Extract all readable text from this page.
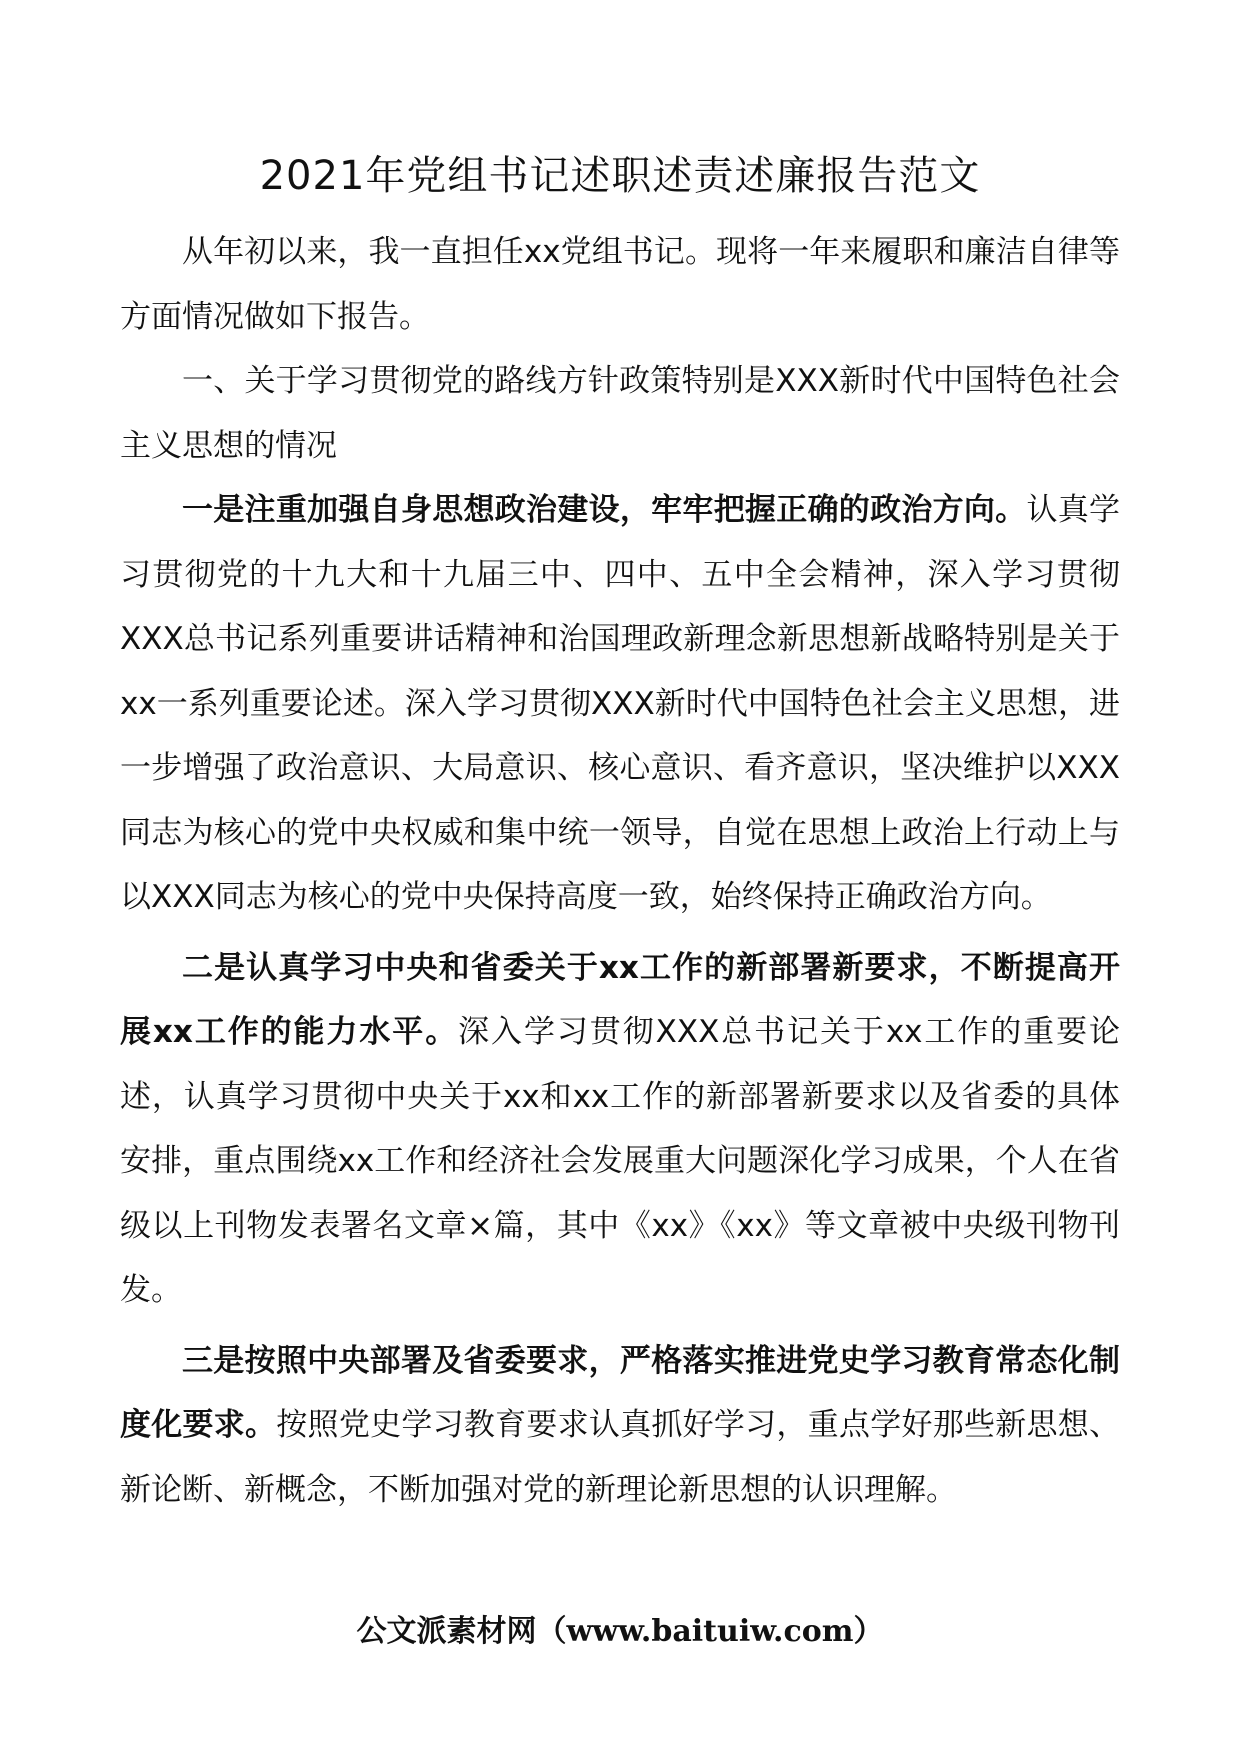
2021年党组书记述职述责述廉报告范文

从年初以来，我一直担任xx党组书记。现将一年来履职和廉洁自律等方面情况做如下报告。

一、关于学习贯彻党的路线方针政策特别是XXX新时代中国特色社会主义思想的情况

一是注重加强自身思想政治建设，牢牢把握正确的政治方向。认真学习贯彻党的十九大和十九届三中、四中、五中全会精神，深入学习贯彻XXX总书记系列重要讲话精神和治国理政新理念新思想新战略特别是关于xx一系列重要论述。深入学习贯彻XXX新时代中国特色社会主义思想，进一步增强了政治意识、大局意识、核心意识、看齐意识，坚决维护以XXX同志为核心的党中央权威和集中统一领导，自觉在思想上政治上行动上与以XXX同志为核心的党中央保持高度一致，始终保持正确政治方向。

二是认真学习中央和省委关于xx工作的新部署新要求，不断提高开展xx工作的能力水平。深入学习贯彻XXX总书记关于xx工作的重要论述，认真学习贯彻中央关于xx和xx工作的新部署新要求以及省委的具体安排，重点围绕xx工作和经济社会发展重大问题深化学习成果，个人在省级以上刊物发表署名文章×篇，其中《xx》《xx》等文章被中央级刊物刊发。

三是按照中央部署及省委要求，严格落实推进党史学习教育常态化制度化要求。按照党史学习教育要求认真抓好学习，重点学好那些新思想、新论断、新概念，不断加强对党的新理论新思想的认识理解。

公文派素材网（www.baituiw.com）
